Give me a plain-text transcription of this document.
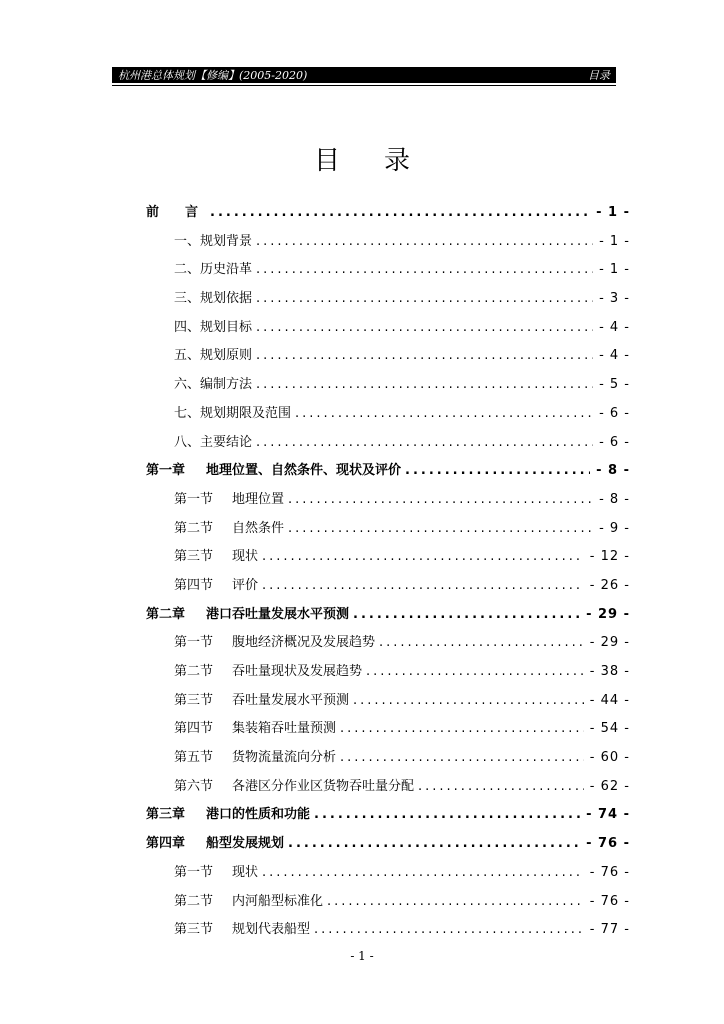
杭州港总体规划【修编】(2005-2020)	目录
目录
前　　言 .....	- 1 -
一、规划背景 .....	- 1 -
二、历史沿革 .....	- 1 -
三、规划依据 .....	- 3 -
四、规划目标 .....	- 4 -
五、规划原则 .....	- 4 -
六、编制方法 .....	- 5 -
七、规划期限及范围 .....	- 6 -
八、主要结论 .....	- 6 -
第一章 地理位置、自然条件、现状及评价 .....	- 8 -
第一节 地理位置 .....	- 8 -
第二节 自然条件 .....	- 9 -
第三节 现状 .....	- 12 -
第四节 评价 .....	- 26 -
第二章 港口吞吐量发展水平预测 .....	- 29 -
第一节 腹地经济概况及发展趋势 .....	- 29 -
第二节 吞吐量现状及发展趋势 .....	- 38 -
第三节 吞吐量发展水平预测 .....	- 44 -
第四节 集装箱吞吐量预测 .....	- 54 -
第五节 货物流量流向分析 .....	- 60 -
第六节 各港区分作业区货物吞吐量分配 .....	- 62 -
第三章 港口的性质和功能 .....	- 74 -
第四章 船型发展规划 .....	- 76 -
第一节 现状 .....	- 76 -
第二节 内河船型标准化 .....	- 76 -
第三节 规划代表船型 .....	- 77 -
- 1 -
